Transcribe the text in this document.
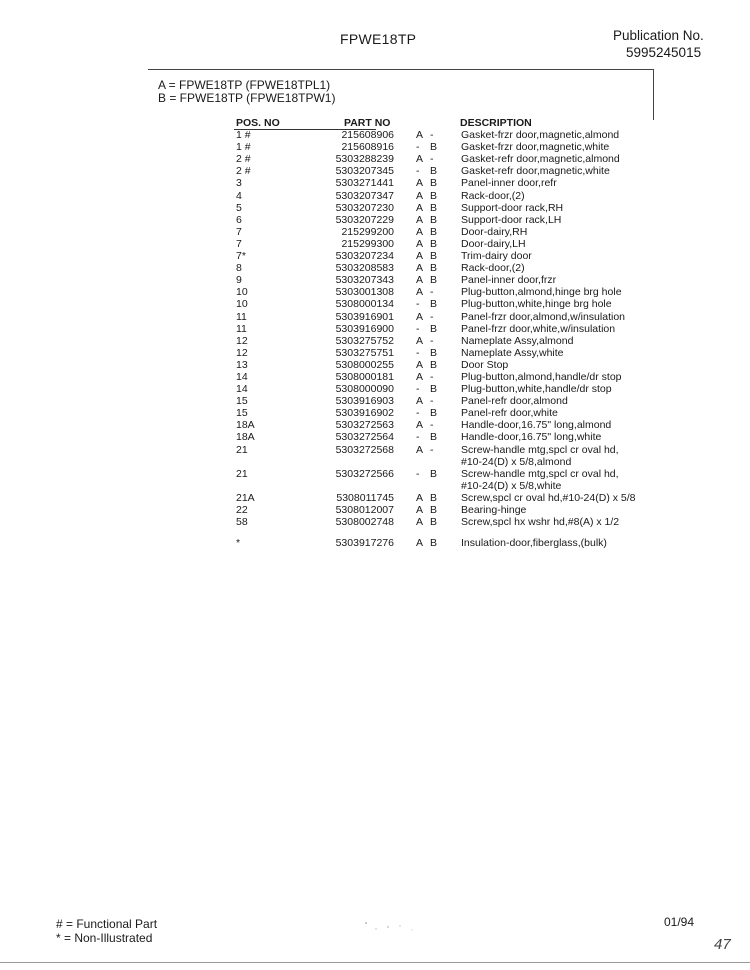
FPWE18TP	Publication No.
5995245015
A = FPWE18TP (FPWE18TPL1)
B = FPWE18TP (FPWE18TPW1)
POS. NO	PART NO	DESCRIPTION
1 #	215608906 A -	Gasket-frzr door,magnetic,almond
1 #	215608916 - B Gasket-frzr door,magnetic,white
2 #	5303288239 A -	Gasket-refr door,magnetic,almond
2 #	5303207345 - B Gasket-refr door,magnetic,white
3	5303271441 A B Panel-inner door,refr
4	5303207347 A B Rack-door,(2)
5	5303207230 A B Support-door rack,RH
6	5303207229 A B Support-door rack,LH
7	215299200 A B Door-dairy,RH
7	215299300 A B Door-dairy,LH
7*	5303207234 A B Trim-dairy door
8	5303208583 A B Rack-door,(2)
9	5303207343 A B Panel-inner door,frzr
10	5303001308 A -	Plug-button,almond,hinge brg hole
10	5308000134 - B Plug-button,white,hinge brg hole
11	5303916901 A -	Panel-frzr door,almond,w/insulation
11	5303916900 - B Panel-frzr door,white,w/insulation
12	5303275752 A -	Nameplate Assy,almond
12	5303275751 - B Nameplate Assy,white
13	5308000255 A B Door Stop
14	5308000181 A -	Plug-button,almond,handle/dr stop
14	5308000090 - B Plug-button,white,handle/dr stop
15	5303916903 A -	Panel-refr door,almond
15	5303916902 - B Panel-refr door,white
18A	5303272563 A -	Handle-door,16.75" long,almond
18A	5303272564 - B Handle-door,16.75" long,white
21	5303272568 A -	Screw-handle mtg,spcl cr oval hd,
#10-24(D) x 5/8,almond
21	5303272566 - B Screw-handle mtg,spcl cr oval hd,
#10-24(D) x 5/8,white
21A	5308011745 A B Screw,spcl cr oval hd,#10-24(D) x 5/8
22	5308012007 A B Bearing-hinge
58	5308002748 A B Screw,spcl hx wshr hd,#8(A) x 1/2
*	5303917276 A B Insulation-door,fiberglass,(bulk)
# = Functional Part
* = Non-Illustrated
01/94
47
